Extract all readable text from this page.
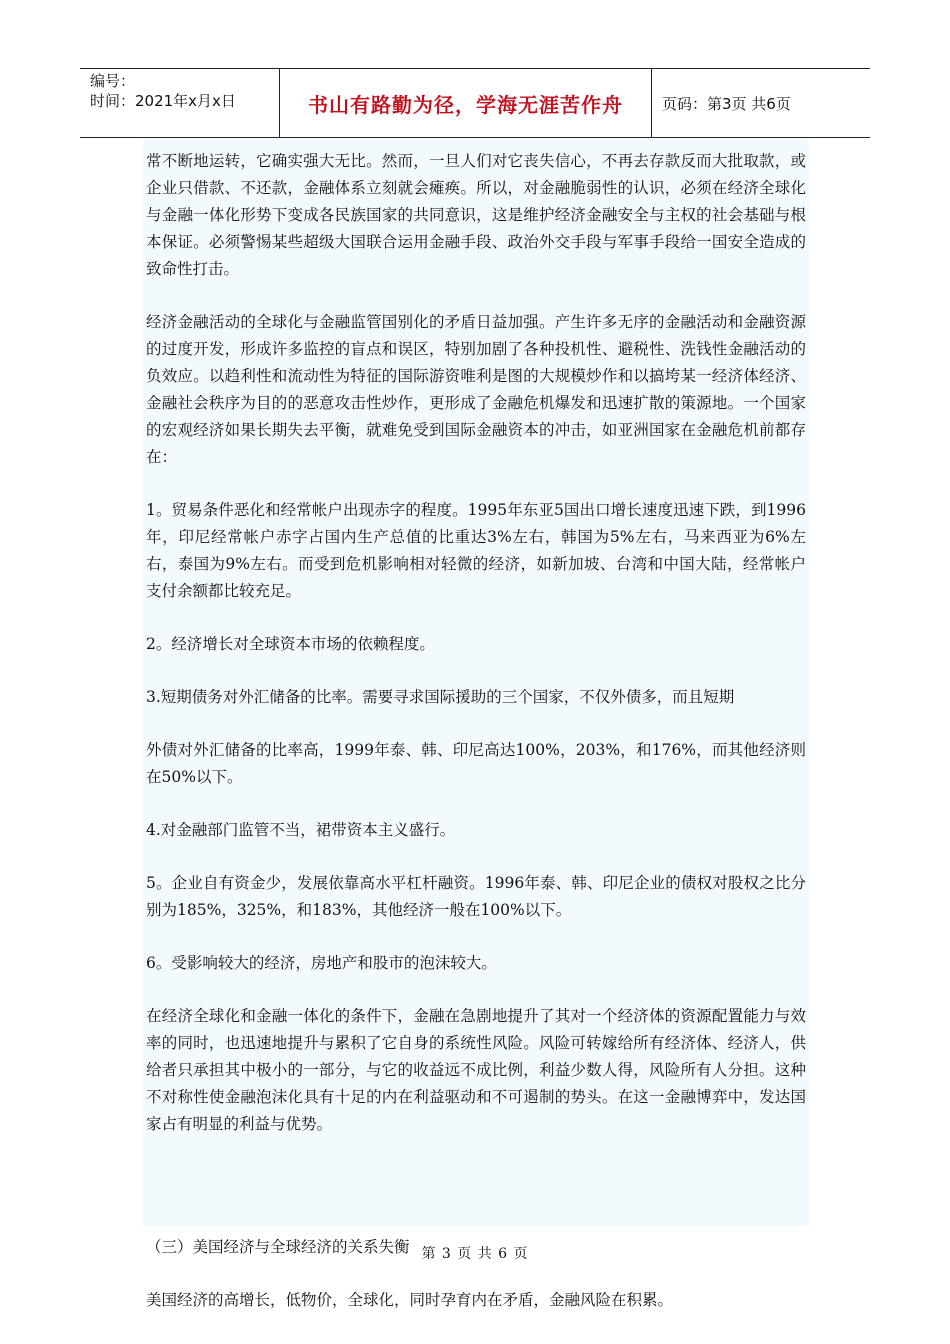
编号：
时间：2021年x月x日	书山有路勤为径，学海无涯苦作舟	页码：第3页 共6页

常不断地运转，它确实强大无比。然而，一旦人们对它丧失信心，不再去存款反而大批取款，或企业只借款、不还款，金融体系立刻就会瘫痪。所以，对金融脆弱性的认识，必须在经济全球化与金融一体化形势下变成各民族国家的共同意识，这是维护经济金融安全与主权的社会基础与根本保证。必须警惕某些超级大国联合运用金融手段、政治外交手段与军事手段给一国安全造成的致命性打击。

经济金融活动的全球化与金融监管国别化的矛盾日益加强。产生许多无序的金融活动和金融资源的过度开发，形成许多监控的盲点和误区，特别加剧了各种投机性、避税性、洗钱性金融活动的负效应。以趋利性和流动性为特征的国际游资唯利是图的大规模炒作和以搞垮某一经济体经济、金融社会秩序为目的的恶意攻击性炒作，更形成了金融危机爆发和迅速扩散的策源地。一个国家的宏观经济如果长期失去平衡，就难免受到国际金融资本的冲击，如亚洲国家在金融危机前都存在：

1。贸易条件恶化和经常帐户出现赤字的程度。1995年东亚5国出口增长速度迅速下跌，到1996年，印尼经常帐户赤字占国内生产总值的比重达3%左右，韩国为5%左右，马来西亚为6%左右，泰国为9%左右。而受到危机影响相对轻微的经济，如新加坡、台湾和中国大陆，经常帐户支付余额都比较充足。

2。经济增长对全球资本市场的依赖程度。

3.短期债务对外汇储备的比率。需要寻求国际援助的三个国家，不仅外债多，而且短期

外债对外汇储备的比率高，1999年泰、韩、印尼高达100%，203%，和176%，而其他经济则在50%以下。

4.对金融部门监管不当，裙带资本主义盛行。

5。企业自有资金少，发展依靠高水平杠杆融资。1996年泰、韩、印尼企业的债权对股权之比分别为185%，325%，和183%，其他经济一般在100%以下。

6。受影响较大的经济，房地产和股市的泡沫较大。

在经济全球化和金融一体化的条件下，金融在急剧地提升了其对一个经济体的资源配置能力与效率的同时，也迅速地提升与累积了它自身的系统性风险。风险可转嫁给所有经济体、经济人，供给者只承担其中极小的一部分，与它的收益远不成比例，利益少数人得，风险所有人分担。这种不对称性使金融泡沫化具有十足的内在利益驱动和不可遏制的势头。在这一金融博弈中，发达国家占有明显的利益与优势。

（三）美国经济与全球经济的关系失衡

美国经济的高增长，低物价，全球化，同时孕育内在矛盾，金融风险在积累。

第 3 页 共 6 页
